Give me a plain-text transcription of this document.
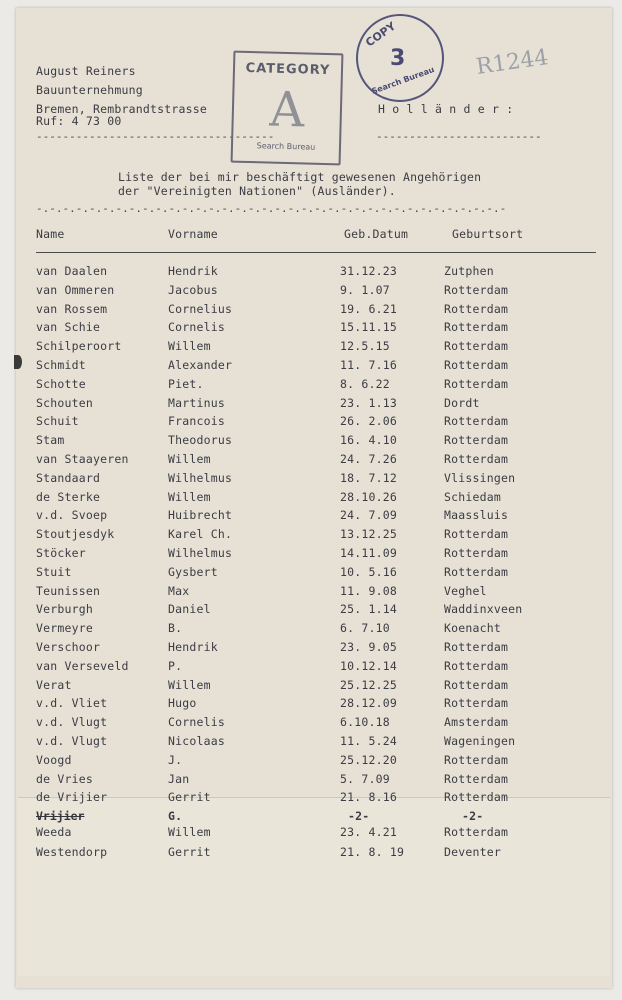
August Reiners
Bauunternehmung
Bremen, Rembrandtstrasse
Ruf: 4 73 00
------------------------------------
H o l l ä n d e r :
-------------------------
CATEGORY
A
Search Bureau
COPY
3
Search Bureau
R1244
Liste der bei mir beschäftigt gewesenen Angehörigen
der "Vereinigten Nationen" (Ausländer).
-.-.-.-.-.-.-.-.-.-.-.-.-.-.-.-.-.-.-.-.-.-.-.-.-.-.-.-.-.-.-.-.-.-.-.-
Name	Vorname	Geb.Datum	Geburtsort
van Daalen	Hendrik	31.12.23	Zutphen
van Ommeren	Jacobus	9. 1.07	Rotterdam
van Rossem	Cornelius	19. 6.21	Rotterdam
van Schie	Cornelis	15.11.15	Rotterdam
Schilperoort	Willem	12.5.15	Rotterdam
Schmidt	Alexander	11. 7.16	Rotterdam
Schotte	Piet.	8. 6.22	Rotterdam
Schouten	Martinus	23. 1.13	Dordt
Schuit	Francois	26. 2.06	Rotterdam
Stam	Theodorus	16. 4.10	Rotterdam
van Staayeren	Willem	24. 7.26	Rotterdam
Standaard	Wilhelmus	18. 7.12	Vlissingen
de Sterke	Willem	28.10.26	Schiedam
v.d. Svoep	Huibrecht	24. 7.09	Maassluis
Stoutjesdyk	Karel Ch.	13.12.25	Rotterdam
Stöcker	Wilhelmus	14.11.09	Rotterdam
Stuit	Gysbert	10. 5.16	Rotterdam
Teunissen	Max	11. 9.08	Veghel
Verburgh	Daniel	25. 1.14	Waddinxveen
Vermeyre	B.	6. 7.10	Koenacht
Verschoor	Hendrik	23. 9.05	Rotterdam
van Verseveld	P.	10.12.14	Rotterdam
Verat	Willem	25.12.25	Rotterdam
v.d. Vliet	Hugo	28.12.09	Rotterdam
v.d. Vlugt	Cornelis	6.10.18	Amsterdam
v.d. Vlugt	Nicolaas	11. 5.24	Wageningen
Voogd	J.	25.12.20	Rotterdam
de Vries	Jan	5. 7.09	Rotterdam
de Vrijier	Gerrit	21. 8.16	Rotterdam
Vrijier	G.	-2-	-2-
Weeda	Willem	23. 4.21	Rotterdam
Westendorp	Gerrit	21. 8. 19	Deventer
